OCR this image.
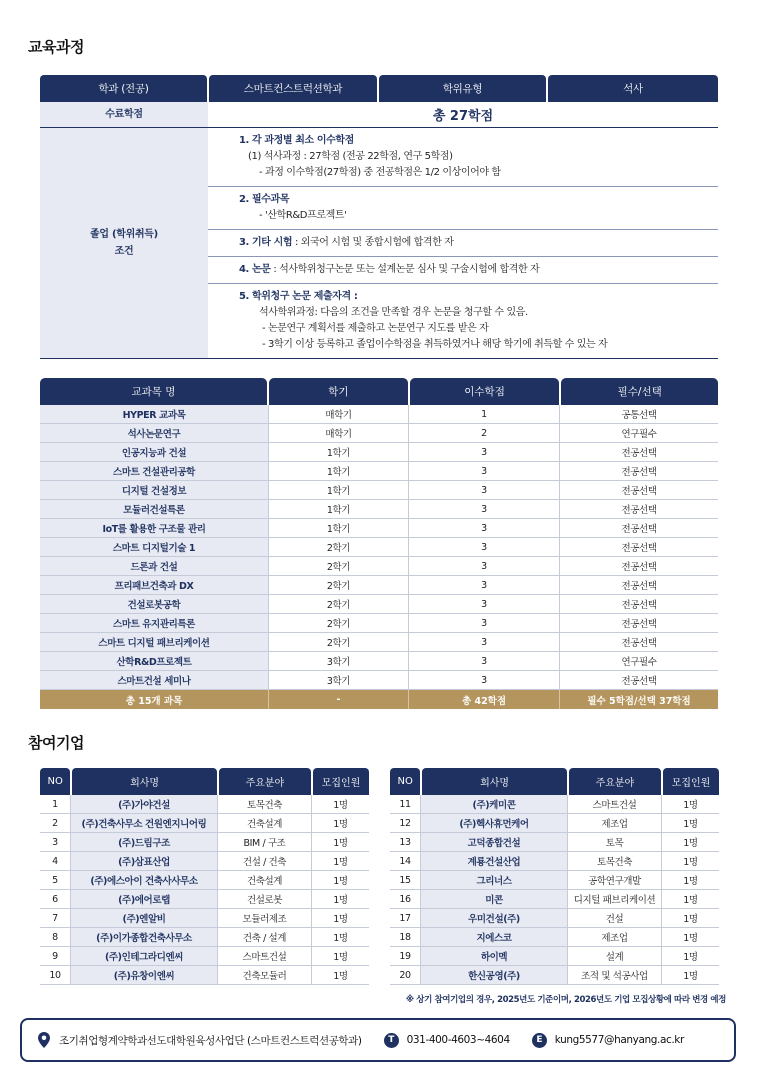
교육과정
학과 (전공)	스마트컨스트럭션학과	학위유형	석사
수료학점	총 27학점
졸업 (학위취득)
조건
1. 각 과정별 최소 이수학점
(1) 석사과정 : 27학점 (전공 22학점, 연구 5학점)
- 과정 이수학점(27학점) 중 전공학점은 1/2 이상이어야 함
2. 필수과목
- '산학R&D프로젝트'
3. 기타 시험 : 외국어 시험 및 종합시험에 합격한 자
4. 논문 : 석사학위청구논문 또는 설계논문 심사 및 구술시험에 합격한 자
5. 학위청구 논문 제출자격 :
석사학위과정: 다음의 조건을 만족할 경우 논문을 청구할 수 있음.
- 논문연구 계획서를 제출하고 논문연구 지도를 받은 자
- 3학기 이상 등록하고 졸업이수학점을 취득하였거나 해당 학기에 취득할 수 있는 자
교과목 명	학기	이수학점	필수/선택
HYPER 교과목	매학기	1	공통선택
석사논문연구	매학기	2	연구필수
인공지능과 건설	1학기	3	전공선택
스마트 건설관리공학	1학기	3	전공선택
디지털 건설정보	1학기	3	전공선택
모듈러건설특론	1학기	3	전공선택
IoT를 활용한 구조물 관리	1학기	3	전공선택
스마트 디지털기술 1	2학기	3	전공선택
드론과 건설	2학기	3	전공선택
프리패브건축과 DX	2학기	3	전공선택
건설로봇공학	2학기	3	전공선택
스마트 유지관리특론	2학기	3	전공선택
스마트 디지털 패브리케이션	2학기	3	전공선택
산학R&D프로젝트	3학기	3	연구필수
스마트건설 세미나	3학기	3	전공선택
총 15개 과목	-	총 42학점	필수 5학점/선택 37학점
참여기업
NO	회사명	주요분야	모집인원
1	(주)가야건설	토목건축	1명
2	(주)건축사무소 건원엔지니어링	건축설계	1명
3	(주)드림구조	BIM / 구조	1명
4	(주)삼표산업	건설 / 건축	1명
5	(주)에스아이 건축사사무소	건축설계	1명
6	(주)에어로랩	건설로봇	1명
7	(주)엔알비	모듈러제조	1명
8	(주)이가종합건축사무소	건축 / 설계	1명
9	(주)인테그라디엔씨	스마트건설	1명
10	(주)유창이엔씨	건축모듈러	1명
NO	회사명	주요분야	모집인원
11	(주)케미콘	스마트건설	1명
12	(주)헥사휴먼케어	제조업	1명
13	고덕종합건설	토목	1명
14	계룡건설산업	토목건축	1명
15	그리너스	공학연구개발	1명
16	미콘	디지털 패브리케이션	1명
17	우미건설(주)	건설	1명
18	지에스코	제조업	1명
19	하이멕	설계	1명
20	한신공영(주)	조적 및 석공사업	1명
※ 상기 참여기업의 경우, 2025년도 기준이며, 2026년도 기업 모집상황에 따라 변경 예정
조기취업형계약학과선도대학원육성사업단 (스마트컨스트럭션공학과)	T	031-400-4603~4604	E	kung5577@hanyang.ac.kr
